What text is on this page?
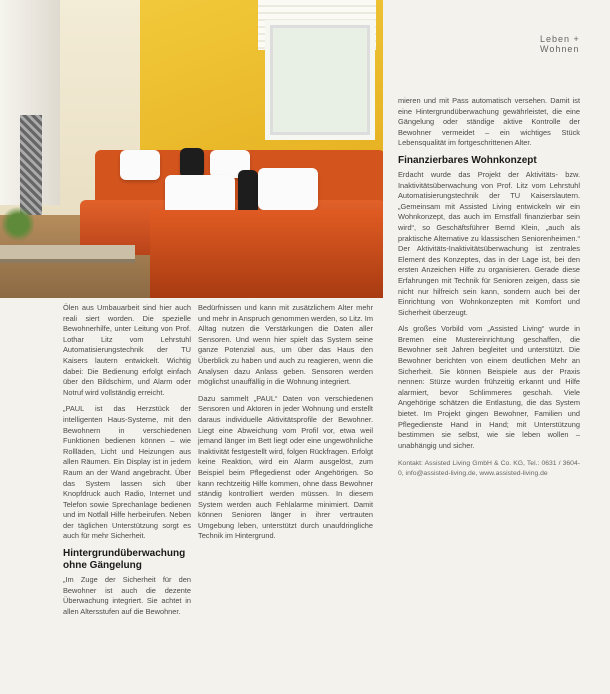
Leben + Wohnen

Ölen aus Umbauarbeit sind hier auch reali siert worden. Die spezielle Bewohnerhilfe, unter Leitung von Prof. Lothar Litz vom Lehrstuhl Automatisierungstechnik der TU Kaisers lautern entwickelt. Wichtig dabei: Die Bedienung erfolgt einfach über den Bildschirm, und Alarm oder Notruf wird vollständig erreicht.

„PAUL ist das Herzstück der intelligenten Haus-Systeme, mit den Bewohnern in verschiedenen Funktionen bedienen können – wie Rollläden, Licht und Heizungen aus allen Räumen. Ein Display ist in jedem Raum an der Wand angebracht. Über das System lassen sich über Knopfdruck auch Radio, Internet und Telefon sowie Sprechanlage bedienen und im Notfall Hilfe herbeirufen. Neben der täglichen Unterstützung sorgt es auch für mehr Sicherheit.

Hintergrundüberwachung ohne Gängelung

„Im Zuge der Sicherheit für den Bewohner ist auch die dezente Überwachung integriert. Sie achtet in allen Altersstufen auf die Bewohner.

Bedürfnissen und kann mit zusätzlichem Alter mehr und mehr in Anspruch genommen werden, so Litz. Im Alltag nutzen die Verstärkungen die Daten aller Sensoren. Und wenn hier spielt das System seine ganze Potenzial aus, um über das Haus den Überblick zu haben und auch zu reagieren, wenn die Analysen dazu Anlass geben. Sensoren werden möglichst unauffällig in die Wohnung integriert.

Dazu sammelt „PAUL“ Daten von verschiedenen Sensoren und Aktoren in jeder Wohnung und erstellt daraus individuelle Aktivitätsprofile der Bewohner. Liegt eine Abweichung vom Profil vor, etwa weil jemand länger im Bett liegt oder eine ungewöhnliche Inaktivität festgestellt wird, folgen Rückfragen. Erfolgt keine Reaktion, wird ein Alarm ausgelöst, zum Beispiel beim Pflegedienst oder Angehörigen. So kann rechtzeitig Hilfe kommen, ohne dass Bewohner ständig kontrolliert werden müssen. In diesem System werden auch Fehlalarme minimiert. Damit können Senioren länger in ihrer vertrauten Umgebung leben, unterstützt durch unaufdringliche Technik im Hintergrund.

mieren und mit Pass automatisch versehen. Damit ist eine Hintergrundüberwachung gewährleistet, die eine Gängelung oder ständige aktive Kontrolle der Bewohner vermeidet – ein wichtiges Stück Lebensqualität im fortgeschrittenen Alter.

Finanzierbares Wohnkonzept

Erdacht wurde das Projekt der Aktivitäts- bzw. Inaktivitätsüberwachung von Prof. Litz vom Lehrstuhl Automatisierungstechnik der TU Kaiserslautern. „Gemeinsam mit Assisted Living entwickeln wir ein Wohnkonzept, das auch im Ernstfall finanzierbar sein wird“, so Geschäftsführer Bernd Klein, „auch als praktische Alternative zu klassischen Seniorenheimen.“ Der Aktivitäts-Inaktivitätsüberwachung ist zentrales Element des Konzeptes, das in der Lage ist, bei den ersten Anzeichen Hilfe zu organisieren. Gerade diese Erfahrungen mit Technik für Senioren zeigen, dass sie nicht nur hilfreich sein kann, sondern auch bei der Einrichtung von Wohnkonzepten mit Komfort und Sicherheit überzeugt.

Als großes Vorbild vom „Assisted Living“ wurde in Bremen eine Mustereinrichtung geschaffen, die Bewohner seit Jahren begleitet und unterstützt. Die Bewohner berichten von einem deutlichen Mehr an Sicherheit. Sie können Beispiele aus der Praxis nennen: Stürze wurden frühzeitig erkannt und Hilfe alarmiert, bevor Schlimmeres geschah. Viele Angehörige schätzen die Entlastung, die das System bietet. Im Projekt gingen Bewohner, Familien und Pflegedienste Hand in Hand; mit Unterstützung bestimmen sie selbst, wie sie leben wollen – unabhängig und sicher.

Kontakt: Assisted Living GmbH & Co. KG, Tel.: 0631 / 3604-0, info@assisted-living.de, www.assisted-living.de
